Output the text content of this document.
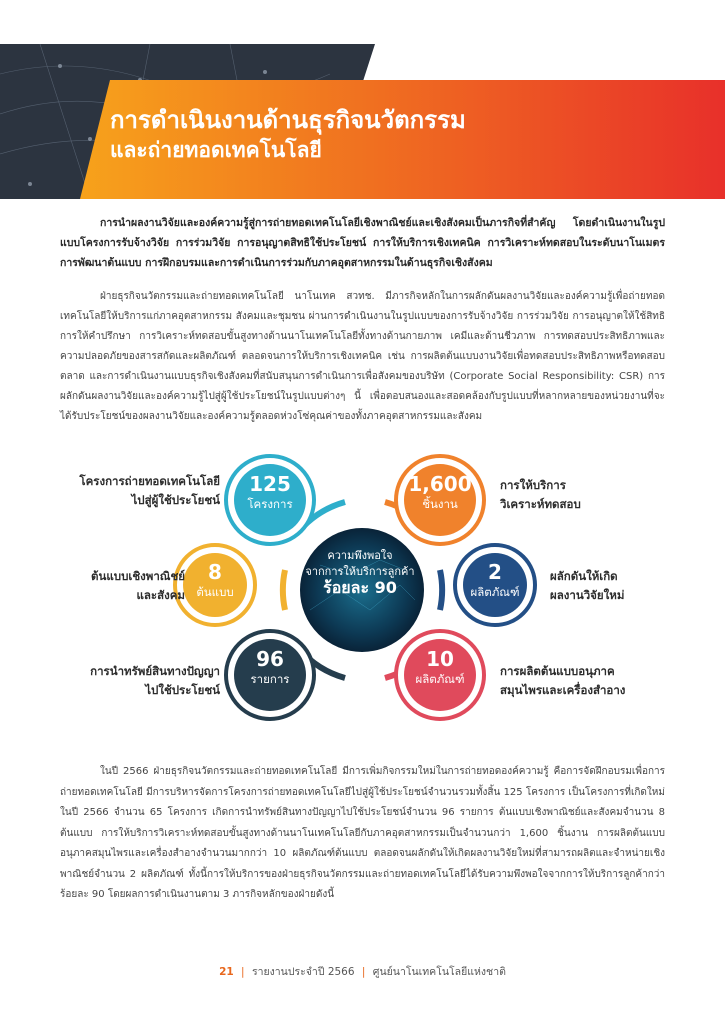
การดำเนินงานด้านธุรกิจนวัตกรรม
และถ่ายทอดเทคโนโลยี
การนำผลงานวิจัยและองค์ความรู้สู่การถ่ายทอดเทคโนโลยีเชิงพาณิชย์และเชิงสังคมเป็นภารกิจที่สำคัญ โดยดำเนินงานในรูปแบบโครงการรับจ้างวิจัย การร่วมวิจัย การอนุญาตสิทธิใช้ประโยชน์ การให้บริการเชิงเทคนิค การวิเคราะห์ทดสอบในระดับนาโนเมตร การพัฒนาต้นแบบ การฝึกอบรมและการดำเนินการร่วมกับภาคอุตสาหกรรมในด้านธุรกิจเชิงสังคม
ฝ่ายธุรกิจนวัตกรรมและถ่ายทอดเทคโนโลยี นาโนเทค สวทช. มีภารกิจหลักในการผลักดันผลงานวิจัยและองค์ความรู้เพื่อถ่ายทอดเทคโนโลยีให้บริการแก่ภาคอุตสาหกรรม สังคมและชุมชน ผ่านการดำเนินงานในรูปแบบของการรับจ้างวิจัย การร่วมวิจัย การอนุญาตให้ใช้สิทธิ การให้คำปรึกษา การวิเคราะห์ทดสอบขั้นสูงทางด้านนาโนเทคโนโลยีทั้งทางด้านกายภาพ เคมีและด้านชีวภาพ การทดสอบประสิทธิภาพและความปลอดภัยของสารสกัดและผลิตภัณฑ์ ตลอดจนการให้บริการเชิงเทคนิค เช่น การผลิตต้นแบบงานวิจัยเพื่อทดสอบประสิทธิภาพหรือทดสอบตลาด และการดำเนินงานแบบธุรกิจเชิงสังคมที่สนับสนุนการดำเนินการเพื่อสังคมของบริษัท (Corporate Social Responsibility: CSR) การผลักดันผลงานวิจัยและองค์ความรู้ไปสู่ผู้ใช้ประโยชน์ในรูปแบบต่างๆ นี้ เพื่อตอบสนองและสอดคล้องกับรูปแบบที่หลากหลายของหน่วยงานที่จะได้รับประโยชน์ของผลงานวิจัยและองค์ความรู้ตลอดห่วงโซ่คุณค่าของทั้งภาคอุตสาหกรรมและสังคม
ความพึงพอใจ
จากการให้บริการลูกค้า
ร้อยละ 90
125
โครงการ
1,600
ชิ้นงาน
8
ต้นแบบ
2
ผลิตภัณฑ์
96
รายการ
10
ผลิตภัณฑ์
โครงการถ่ายทอดเทคโนโลยี
ไปสู่ผู้ใช้ประโยชน์
การให้บริการ
วิเคราะห์ทดสอบ
ต้นแบบเชิงพาณิชย์
และสังคม
ผลักดันให้เกิด
ผลงานวิจัยใหม่
การนำทรัพย์สินทางปัญญา
ไปใช้ประโยชน์
การผลิตต้นแบบอนุภาค
สมุนไพรและเครื่องสำอาง
ในปี 2566 ฝ่ายธุรกิจนวัตกรรมและถ่ายทอดเทคโนโลยี มีการเพิ่มกิจกรรมใหม่ในการถ่ายทอดองค์ความรู้ คือการจัดฝึกอบรมเพื่อการถ่ายทอดเทคโนโลยี มีการบริหารจัดการโครงการถ่ายทอดเทคโนโลยีไปสู่ผู้ใช้ประโยชน์จำนวนรวมทั้งสิ้น 125 โครงการ เป็นโครงการที่เกิดใหม่ในปี 2566 จำนวน 65 โครงการ เกิดการนำทรัพย์สินทางปัญญาไปใช้ประโยชน์จำนวน 96 รายการ ต้นแบบเชิงพาณิชย์และสังคมจำนวน 8 ต้นแบบ การให้บริการวิเคราะห์ทดสอบขั้นสูงทางด้านนาโนเทคโนโลยีกับภาคอุตสาหกรรมเป็นจำนวนกว่า 1,600 ชิ้นงาน การผลิตต้นแบบอนุภาคสมุนไพรและเครื่องสำอางจำนวนมากกว่า 10 ผลิตภัณฑ์ต้นแบบ ตลอดจนผลักดันให้เกิดผลงานวิจัยใหม่ที่สามารถผลิตและจำหน่ายเชิงพาณิชย์จำนวน 2 ผลิตภัณฑ์ ทั้งนี้การให้บริการของฝ่ายธุรกิจนวัตกรรมและถ่ายทอดเทคโนโลยีได้รับความพึงพอใจจากการให้บริการลูกค้ากว่าร้อยละ 90 โดยผลการดำเนินงานตาม 3 ภารกิจหลักของฝ่ายดังนี้
21 | รายงานประจำปี 2566 | ศูนย์นาโนเทคโนโลยีแห่งชาติ
